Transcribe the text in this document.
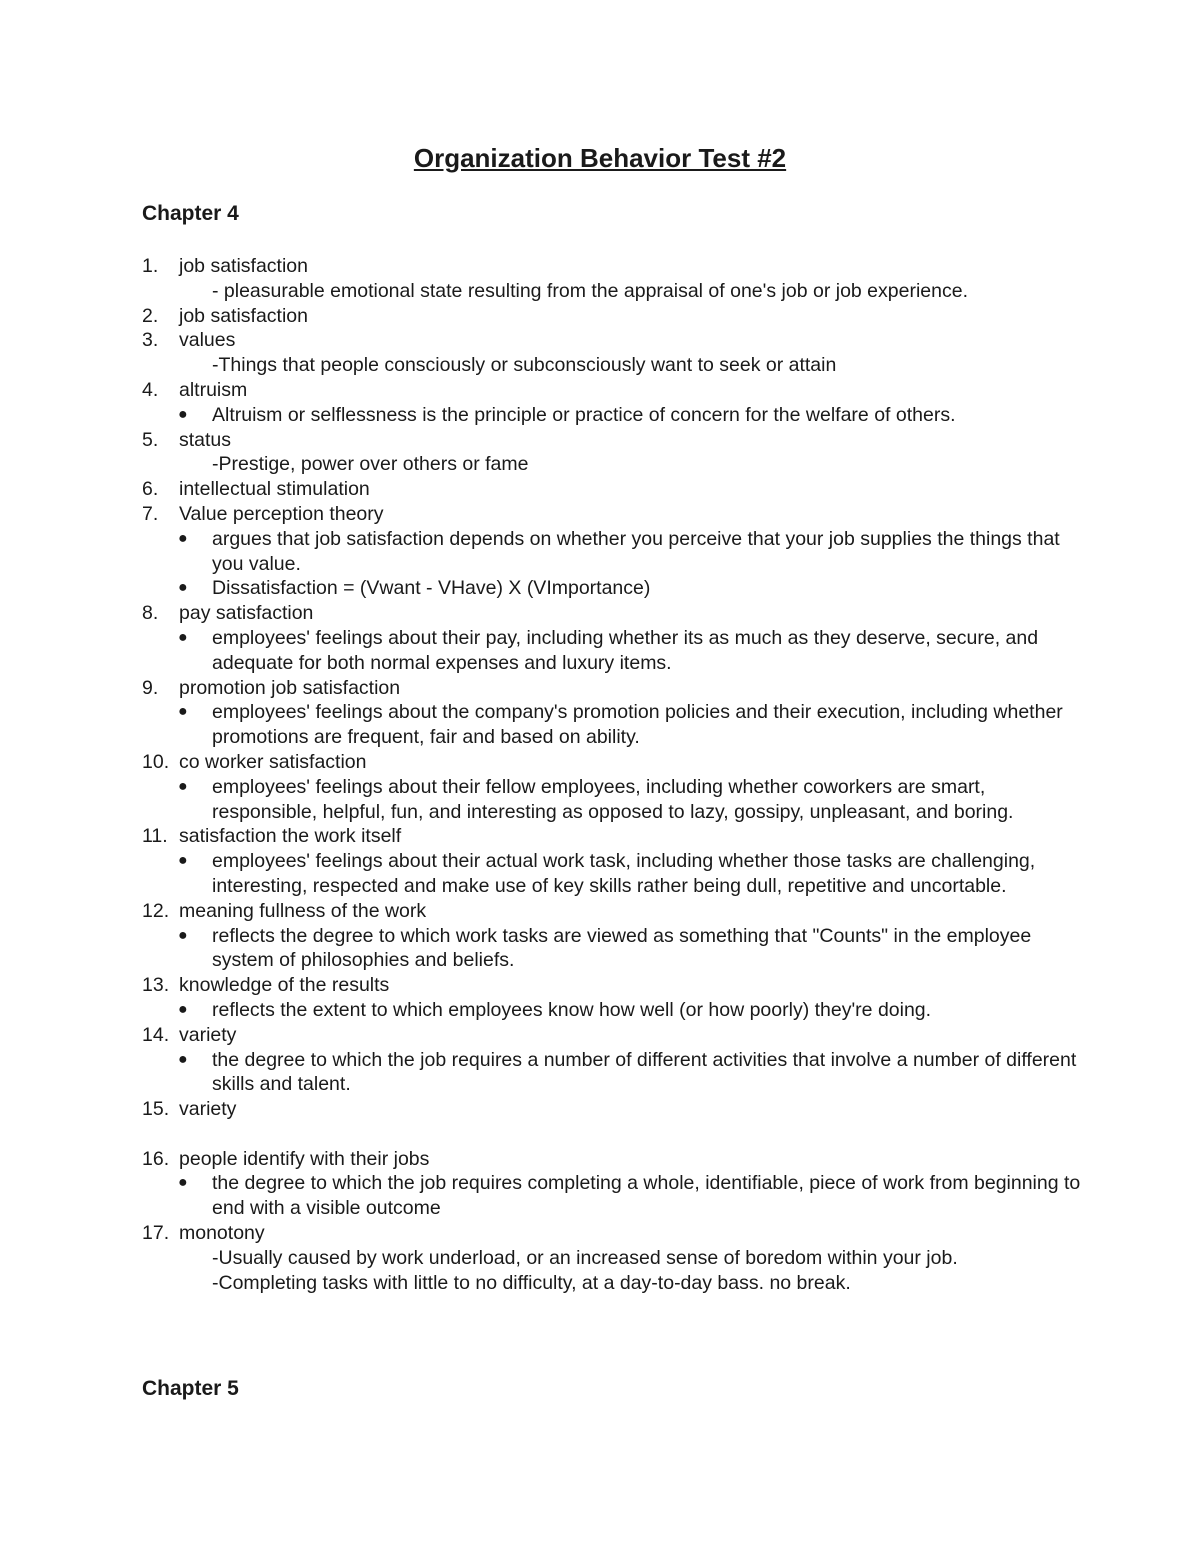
Organization Behavior Test #2
Chapter 4
1.	job satisfaction
- pleasurable emotional state resulting from the appraisal of one's job or job experience.
2.	job satisfaction
3.	values
-Things that people consciously or subconsciously want to seek or attain
4.	altruism
● Altruism or selflessness is the principle or practice of concern for the welfare of others.
5.	status
-Prestige, power over others or fame
6.	intellectual stimulation
7.	Value perception theory
● argues that job satisfaction depends on whether you perceive that your job supplies the things that you value.
● Dissatisfaction = (Vwant - VHave) X (VImportance)
8.	pay satisfaction
● employees' feelings about their pay, including whether its as much as they deserve, secure, and adequate for both normal expenses and luxury items.
9.	promotion job satisfaction
● employees' feelings about the company's promotion policies and their execution, including whether promotions are frequent, fair and based on ability.
10. co worker satisfaction
● employees' feelings about their fellow employees, including whether coworkers are smart, responsible, helpful, fun, and interesting as opposed to lazy, gossipy, unpleasant, and boring.
11. satisfaction the work itself
● employees' feelings about their actual work task, including whether those tasks are challenging, interesting, respected and make use of key skills rather being dull, repetitive and uncortable.
12. meaning fullness of the work
● reflects the degree to which work tasks are viewed as something that "Counts" in the employee system of philosophies and beliefs.
13. knowledge of the results
● reflects the extent to which employees know how well (or how poorly) they're doing.
14. variety
● the degree to which the job requires a number of different activities that involve a number of different skills and talent.
15. variety
16. people identify with their jobs
● the degree to which the job requires completing a whole, identifiable, piece of work from beginning to end with a visible outcome
17. monotony
-Usually caused by work underload, or an increased sense of boredom within your job.
-Completing tasks with little to no difficulty, at a day-to-day bass. no break.
Chapter 5
